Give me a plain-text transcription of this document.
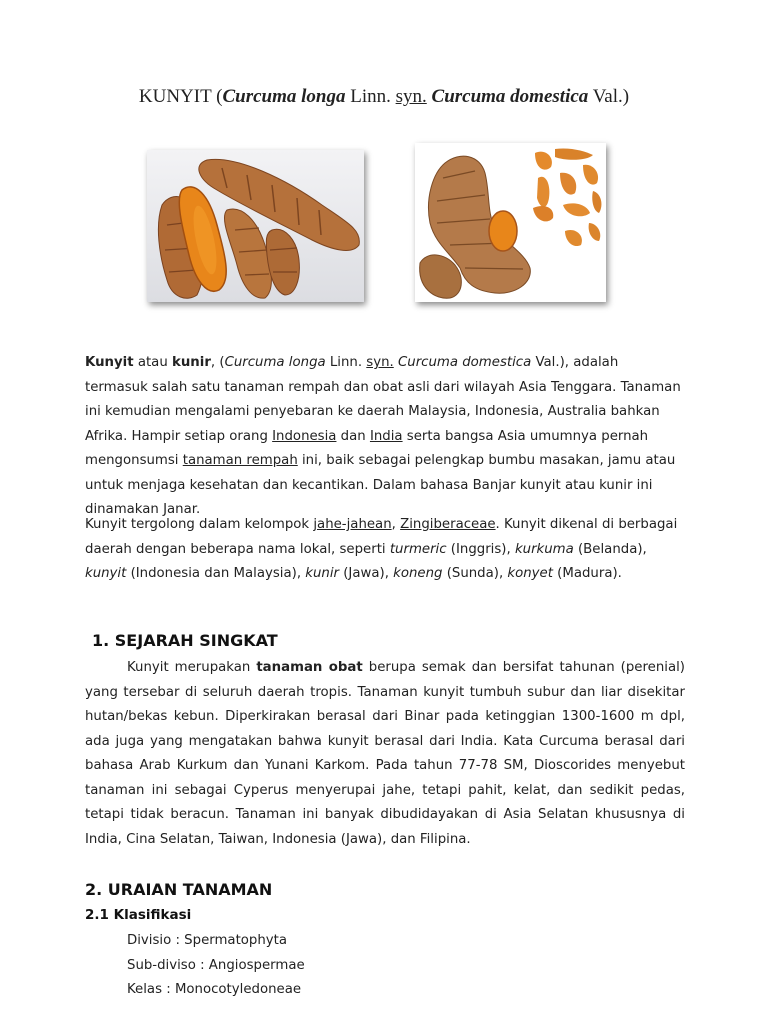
KUNYIT (Curcuma longa Linn. syn. Curcuma domestica Val.)
Kunyit atau kunir, (Curcuma longa Linn. syn. Curcuma domestica Val.), adalah termasuk salah satu tanaman rempah dan obat asli dari wilayah Asia Tenggara. Tanaman ini kemudian mengalami penyebaran ke daerah Malaysia, Indonesia, Australia bahkan Afrika. Hampir setiap orang Indonesia dan India serta bangsa Asia umumnya pernah mengonsumsi tanaman rempah ini, baik sebagai pelengkap bumbu masakan, jamu atau untuk menjaga kesehatan dan kecantikan. Dalam bahasa Banjar kunyit atau kunir ini dinamakan Janar.
Kunyit tergolong dalam kelompok jahe-jahean, Zingiberaceae. Kunyit dikenal di berbagai daerah dengan beberapa nama lokal, seperti turmeric (Inggris), kurkuma (Belanda), kunyit (Indonesia dan Malaysia), kunir (Jawa), koneng (Sunda), konyet (Madura).
1. SEJARAH SINGKAT
Kunyit merupakan tanaman obat berupa semak dan bersifat tahunan (perenial) yang tersebar di seluruh daerah tropis. Tanaman kunyit tumbuh subur dan liar disekitar hutan/bekas kebun. Diperkirakan berasal dari Binar pada ketinggian 1300-1600 m dpl, ada juga yang mengatakan bahwa kunyit berasal dari India. Kata Curcuma berasal dari bahasa Arab Kurkum dan Yunani Karkom. Pada tahun 77-78 SM, Dioscorides menyebut tanaman ini sebagai Cyperus menyerupai jahe, tetapi pahit, kelat, dan sedikit pedas, tetapi tidak beracun. Tanaman ini banyak dibudidayakan di Asia Selatan khususnya di India, Cina Selatan, Taiwan, Indonesia (Jawa), dan Filipina.
2. URAIAN TANAMAN
2.1 Klasifikasi
Divisio : Spermatophyta
Sub-diviso : Angiospermae
Kelas : Monocotyledoneae
